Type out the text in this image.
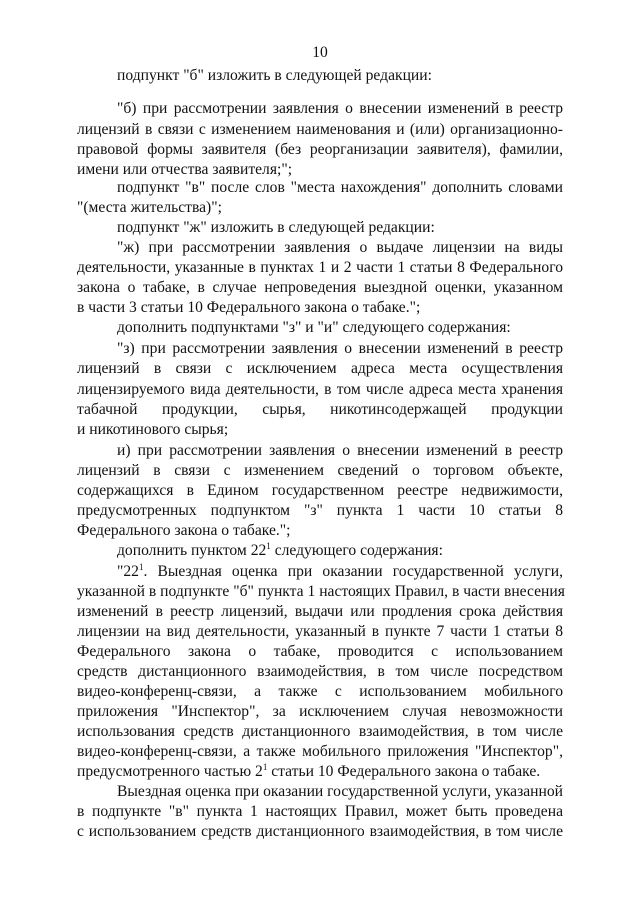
10
подпункт "б" изложить в следующей редакции:
"б) при рассмотрении заявления о внесении изменений в реестр
лицензий в связи с изменением наименования и (или) организационно-
правовой формы заявителя (без реорганизации заявителя), фамилии,
имени или отчества заявителя;";
подпункт "в" после слов "места нахождения" дополнить словами
"(места жительства)";
подпункт "ж" изложить в следующей редакции:
"ж) при рассмотрении заявления о выдаче лицензии на виды
деятельности, указанные в пунктах 1 и 2 части 1 статьи 8 Федерального
закона о табаке, в случае непроведения выездной оценки, указанном
в части 3 статьи 10 Федерального закона о табаке.";
дополнить подпунктами "з" и "и" следующего содержания:
"з) при рассмотрении заявления о внесении изменений в реестр
лицензий в связи с исключением адреса места осуществления
лицензируемого вида деятельности, в том числе адреса места хранения
табачной продукции, сырья, никотинсодержащей продукции
и никотинового сырья;
и) при рассмотрении заявления о внесении изменений в реестр
лицензий в связи с изменением сведений о торговом объекте,
содержащихся в Едином государственном реестре недвижимости,
предусмотренных подпунктом "з" пункта 1 части 10 статьи 8
Федерального закона о табаке.";
дополнить пунктом $22^1$ следующего содержания:
"$22^1$. Выездная оценка при оказании государственной услуги,
указанной в подпункте "б" пункта 1 настоящих Правил, в части внесения
изменений в реестр лицензий, выдачи или продления срока действия
лицензии на вид деятельности, указанный в пункте 7 части 1 статьи 8
Федерального закона о табаке, проводится с использованием
средств дистанционного взаимодействия, в том числе посредством
видео-конференц-связи, а также с использованием мобильного
приложения "Инспектор", за исключением случая невозможности
использования средств дистанционного взаимодействия, в том числе
видео-конференц-связи, а также мобильного приложения "Инспектор",
предусмотренного частью $2^1$ статьи 10 Федерального закона о табаке.
Выездная оценка при оказании государственной услуги, указанной
в подпункте "в" пункта 1 настоящих Правил, может быть проведена
с использованием средств дистанционного взаимодействия, в том числе
